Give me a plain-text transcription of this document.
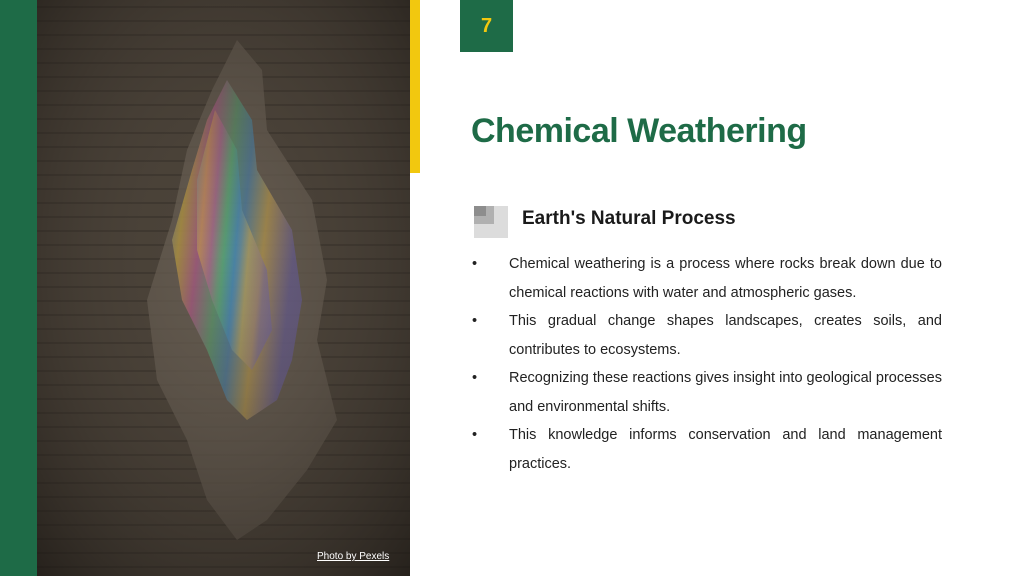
Photo by Pexels
7
Chemical Weathering
Earth's Natural Process
• Chemical weathering is a process where rocks break down due to chemical reactions with water and atmospheric gases.
• This gradual change shapes landscapes, creates soils, and contributes to ecosystems.
• Recognizing these reactions gives insight into geological processes and environmental shifts.
• This knowledge informs conservation and land management practices.
